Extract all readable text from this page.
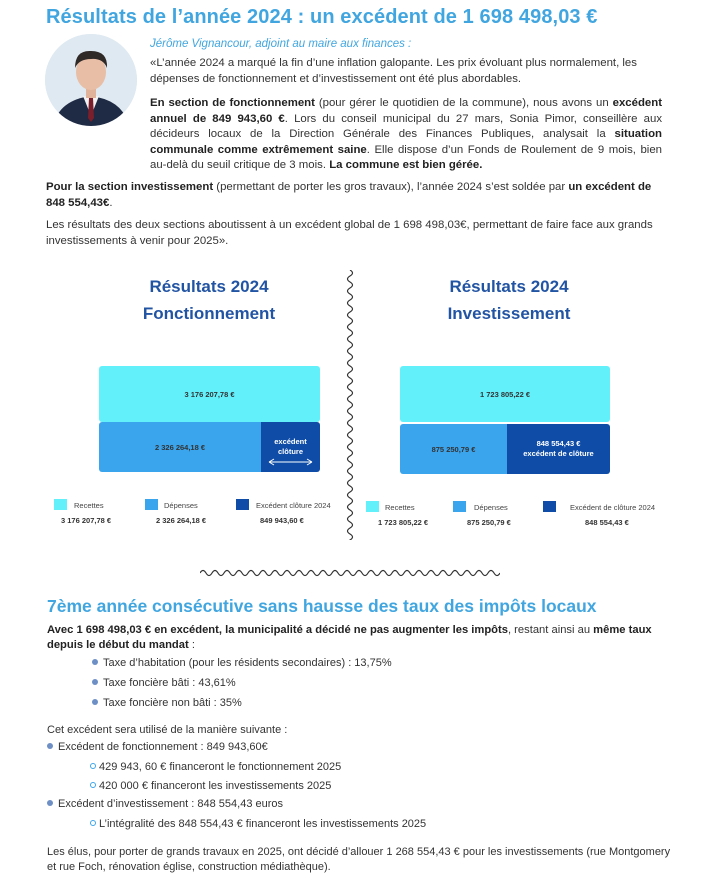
Résultats de l’année 2024 : un excédent de 1 698 498,03 €
Jérôme Vignancour, adjoint au maire aux finances :
«L’année 2024 a marqué la fin d’une inflation galopante. Les prix évoluant plus normalement, les dépenses de fonctionnement et d’investissement ont été plus abordables.
En section de fonctionnement (pour gérer le quotidien de la commune), nous avons un excédent annuel de 849 943,60 €. Lors du conseil municipal du 27 mars, Sonia Pimor, conseillère aux décideurs locaux de la Direction Générale des Finances Publiques, analysait la situation communale comme extrêmement saine. Elle dispose d’un Fonds de Roulement de 9 mois, bien au-delà du seuil critique de 3 mois. La commune est bien gérée.
Pour la section investissement (permettant de porter les gros travaux), l’année 2024 s’est soldée par un excédent de 848 554,43€.
Les résultats des deux sections aboutissent à un excédent global de 1 698 498,03€, permettant de faire face aux grands investissements à venir pour 2025».
Résultats 2024
Fonctionnement
Résultats 2024
Investissement
3 176 207,78 €
2 326 264,18 €
excédent clôture
1 723 805,22 €
875 250,79 €
848 554,43 €
excédent de clôture
Recettes
3 176 207,78 €
Dépenses
2 326 264,18 €
Excédent clôture 2024
849 943,60 €
Recettes
1 723 805,22 €
Dépenses
875 250,79 €
Excédent de clôture 2024
848 554,43 €
7ème année consécutive sans hausse des taux des impôts locaux
Avec 1 698 498,03 € en excédent, la municipalité a décidé ne pas augmenter les impôts, restant ainsi au même taux depuis le début du mandat :
Taxe d’habitation (pour les résidents secondaires) : 13,75%
Taxe foncière bâti : 43,61%
Taxe foncière non bâti : 35%
Cet excédent sera utilisé de la manière suivante :
Excédent de fonctionnement : 849 943,60€
429 943, 60 € financeront le fonctionnement 2025
420 000 € financeront les investissements 2025
Excédent d’investissement : 848 554,43 euros
L’intégralité des 848 554,43 € financeront les investissements 2025
Les élus, pour porter de grands travaux en 2025, ont décidé d’allouer 1 268 554,43 € pour les investissements (rue Montgomery et rue Foch, rénovation église, construction médiathèque).
